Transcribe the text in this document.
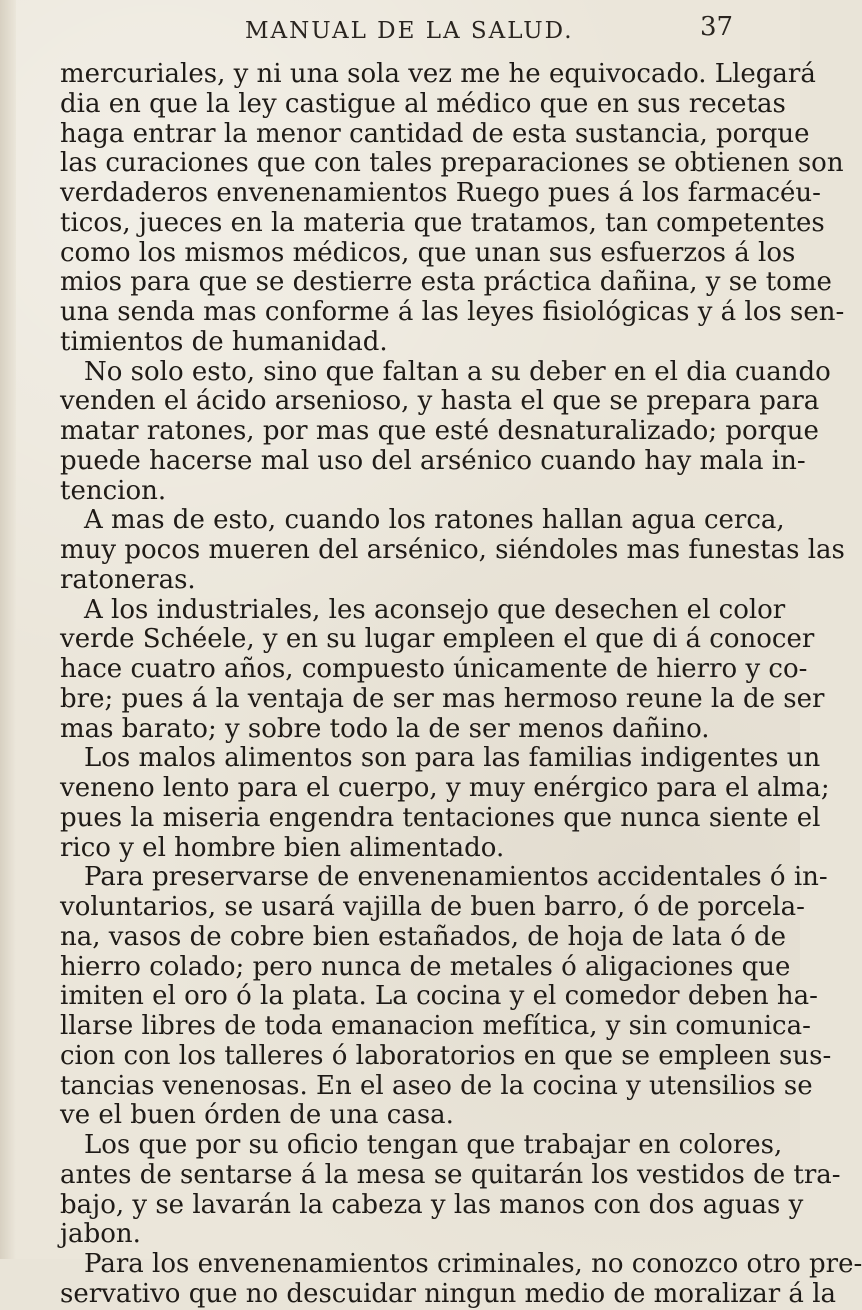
MANUAL DE LA SALUD.	37
mercuriales, y ni una sola vez me he equivocado. Llegará
dia en que la ley castigue al médico que en sus recetas
haga entrar la menor cantidad de esta sustancia, porque
las curaciones que con tales preparaciones se obtienen son
verdaderos envenenamientos Ruego pues á los farmacéu-
ticos, jueces en la materia que tratamos, tan competentes
como los mismos médicos, que unan sus esfuerzos á los
mios para que se destierre esta práctica dañina, y se tome
una senda mas conforme á las leyes fisiológicas y á los sen-
timientos de humanidad.
No solo esto, sino que faltan a su deber en el dia cuando
venden el ácido arsenioso, y hasta el que se prepara para
matar ratones, por mas que esté desnaturalizado; porque
puede hacerse mal uso del arsénico cuando hay mala in-
tencion.
A mas de esto, cuando los ratones hallan agua cerca,
muy pocos mueren del arsénico, siéndoles mas funestas las
ratoneras.
A los industriales, les aconsejo que desechen el color
verde Schéele, y en su lugar empleen el que di á conocer
hace cuatro años, compuesto únicamente de hierro y co-
bre; pues á la ventaja de ser mas hermoso reune la de ser
mas barato; y sobre todo la de ser menos dañino.
Los malos alimentos son para las familias indigentes un
veneno lento para el cuerpo, y muy enérgico para el alma;
pues la miseria engendra tentaciones que nunca siente el
rico y el hombre bien alimentado.
Para preservarse de envenenamientos accidentales ó in-
voluntarios, se usará vajilla de buen barro, ó de porcela-
na, vasos de cobre bien estañados, de hoja de lata ó de
hierro colado; pero nunca de metales ó aligaciones que
imiten el oro ó la plata. La cocina y el comedor deben ha-
llarse libres de toda emanacion mefítica, y sin comunica-
cion con los talleres ó laboratorios en que se empleen sus-
tancias venenosas. En el aseo de la cocina y utensilios se
ve el buen órden de una casa.
Los que por su oficio tengan que trabajar en colores,
antes de sentarse á la mesa se quitarán los vestidos de tra-
bajo, y se lavarán la cabeza y las manos con dos aguas y
jabon.
Para los envenenamientos criminales, no conozco otro pre-
servativo que no descuidar ningun medio de moralizar á la
